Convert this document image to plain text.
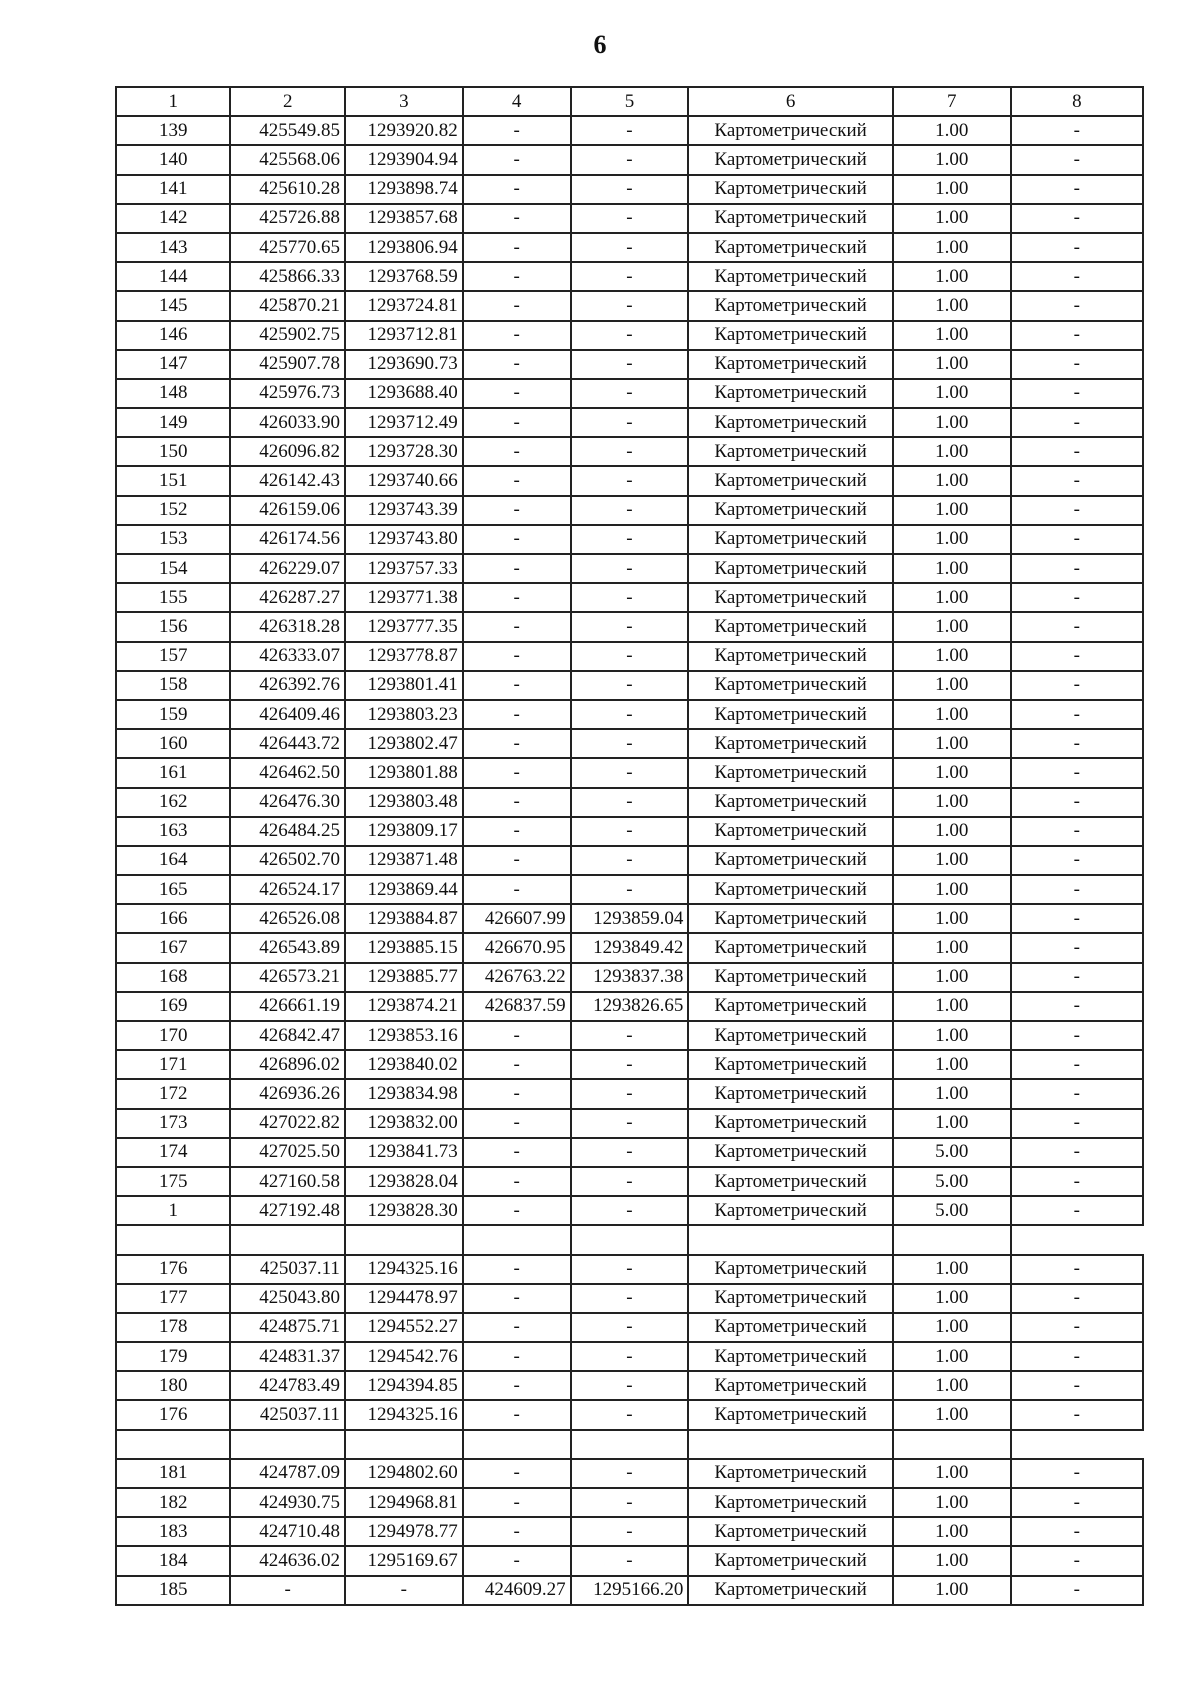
6
1	2	3	4	5	6	7	8
139	425549.85	1293920.82	-	-	Картометрический	1.00	-
140	425568.06	1293904.94	-	-	Картометрический	1.00	-
141	425610.28	1293898.74	-	-	Картометрический	1.00	-
142	425726.88	1293857.68	-	-	Картометрический	1.00	-
143	425770.65	1293806.94	-	-	Картометрический	1.00	-
144	425866.33	1293768.59	-	-	Картометрический	1.00	-
145	425870.21	1293724.81	-	-	Картометрический	1.00	-
146	425902.75	1293712.81	-	-	Картометрический	1.00	-
147	425907.78	1293690.73	-	-	Картометрический	1.00	-
148	425976.73	1293688.40	-	-	Картометрический	1.00	-
149	426033.90	1293712.49	-	-	Картометрический	1.00	-
150	426096.82	1293728.30	-	-	Картометрический	1.00	-
151	426142.43	1293740.66	-	-	Картометрический	1.00	-
152	426159.06	1293743.39	-	-	Картометрический	1.00	-
153	426174.56	1293743.80	-	-	Картометрический	1.00	-
154	426229.07	1293757.33	-	-	Картометрический	1.00	-
155	426287.27	1293771.38	-	-	Картометрический	1.00	-
156	426318.28	1293777.35	-	-	Картометрический	1.00	-
157	426333.07	1293778.87	-	-	Картометрический	1.00	-
158	426392.76	1293801.41	-	-	Картометрический	1.00	-
159	426409.46	1293803.23	-	-	Картометрический	1.00	-
160	426443.72	1293802.47	-	-	Картометрический	1.00	-
161	426462.50	1293801.88	-	-	Картометрический	1.00	-
162	426476.30	1293803.48	-	-	Картометрический	1.00	-
163	426484.25	1293809.17	-	-	Картометрический	1.00	-
164	426502.70	1293871.48	-	-	Картометрический	1.00	-
165	426524.17	1293869.44	-	-	Картометрический	1.00	-
166	426526.08	1293884.87	426607.99	1293859.04	Картометрический	1.00	-
167	426543.89	1293885.15	426670.95	1293849.42	Картометрический	1.00	-
168	426573.21	1293885.77	426763.22	1293837.38	Картометрический	1.00	-
169	426661.19	1293874.21	426837.59	1293826.65	Картометрический	1.00	-
170	426842.47	1293853.16	-	-	Картометрический	1.00	-
171	426896.02	1293840.02	-	-	Картометрический	1.00	-
172	426936.26	1293834.98	-	-	Картометрический	1.00	-
173	427022.82	1293832.00	-	-	Картометрический	1.00	-
174	427025.50	1293841.73	-	-	Картометрический	5.00	-
175	427160.58	1293828.04	-	-	Картометрический	5.00	-
1	427192.48	1293828.30	-	-	Картометрический	5.00	-

176	425037.11	1294325.16	-	-	Картометрический	1.00	-
177	425043.80	1294478.97	-	-	Картометрический	1.00	-
178	424875.71	1294552.27	-	-	Картометрический	1.00	-
179	424831.37	1294542.76	-	-	Картометрический	1.00	-
180	424783.49	1294394.85	-	-	Картометрический	1.00	-
176	425037.11	1294325.16	-	-	Картометрический	1.00	-

181	424787.09	1294802.60	-	-	Картометрический	1.00	-
182	424930.75	1294968.81	-	-	Картометрический	1.00	-
183	424710.48	1294978.77	-	-	Картометрический	1.00	-
184	424636.02	1295169.67	-	-	Картометрический	1.00	-
185	-	-	424609.27	1295166.20	Картометрический	1.00	-
